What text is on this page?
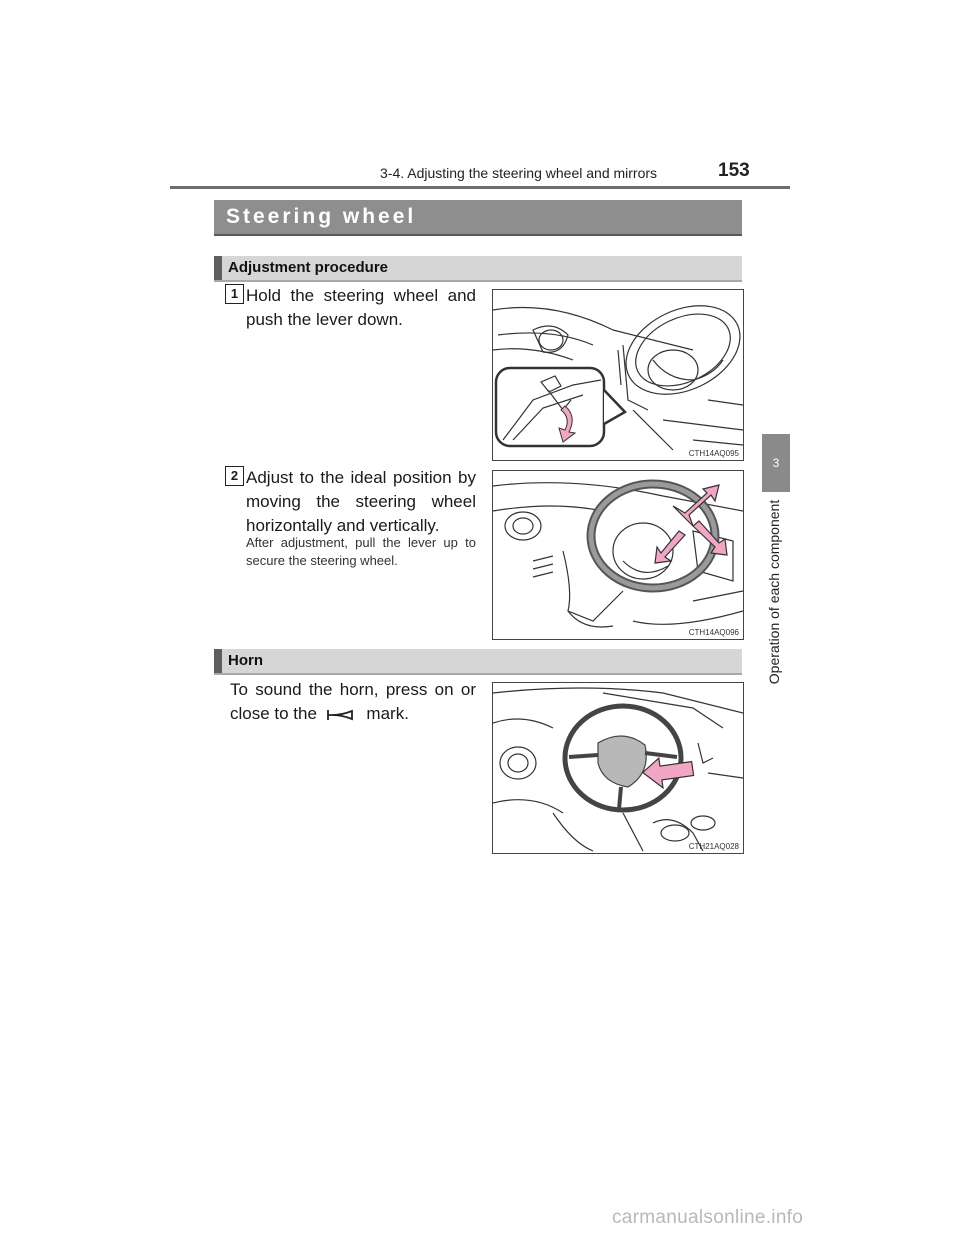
3-4. Adjusting the steering wheel and mirrors	153
3
Operation of each component
Steering wheel
Adjustment procedure
1 Hold the steering wheel and push the lever down.
CTH14AQ095
2 Adjust to the ideal position by moving the steering wheel horizontally and vertically.
After adjustment, pull the lever up to secure the steering wheel.
CTH14AQ096
Horn
To sound the horn, press on or close to the	mark.
CTH21AQ028
carmanualsonline.info
